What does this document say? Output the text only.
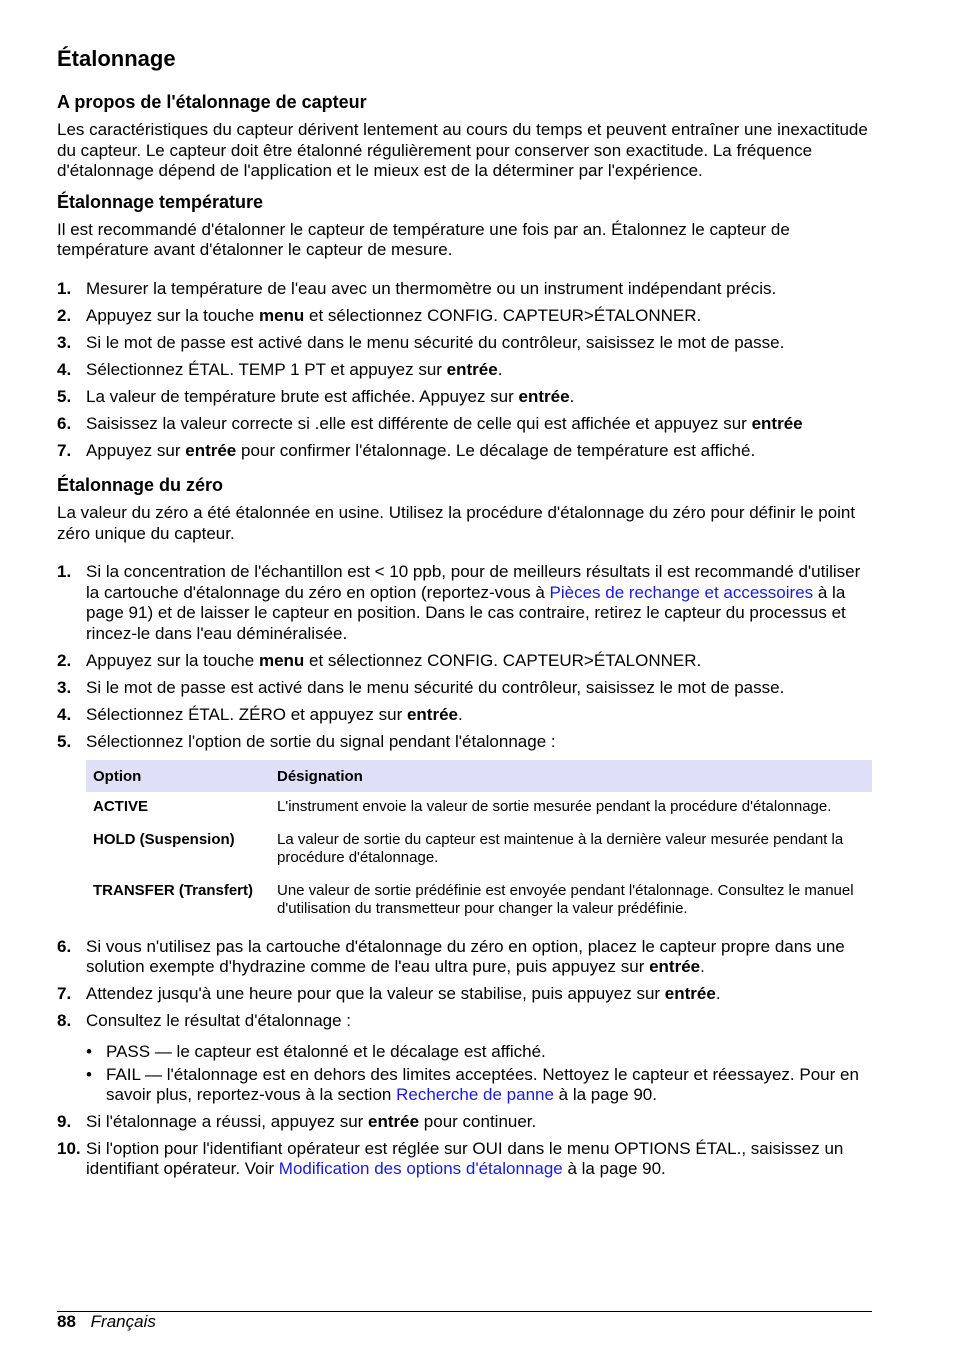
Étalonnage
A propos de l'étalonnage de capteur

Les caractéristiques du capteur dérivent lentement au cours du temps et peuvent entraîner une inexactitude du capteur. Le capteur doit être étalonné régulièrement pour conserver son exactitude. La fréquence d'étalonnage dépend de l'application et le mieux est de la déterminer par l'expérience.

Étalonnage température

Il est recommandé d'étalonner le capteur de température une fois par an. Étalonnez le capteur de température avant d'étalonner le capteur de mesure.

1. Mesurer la température de l'eau avec un thermomètre ou un instrument indépendant précis.
2. Appuyez sur la touche menu et sélectionnez CONFIG. CAPTEUR>ÉTALONNER.
3. Si le mot de passe est activé dans le menu sécurité du contrôleur, saisissez le mot de passe.
4. Sélectionnez ÉTAL. TEMP 1 PT et appuyez sur entrée.
5. La valeur de température brute est affichée. Appuyez sur entrée.
6. Saisissez la valeur correcte si .elle est différente de celle qui est affichée et appuyez sur entrée
7. Appuyez sur entrée pour confirmer l'étalonnage. Le décalage de température est affiché.
Étalonnage du zéro

La valeur du zéro a été étalonnée en usine. Utilisez la procédure d'étalonnage du zéro pour définir le point zéro unique du capteur.

1. Si la concentration de l'échantillon est < 10 ppb, pour de meilleurs résultats il est recommandé d'utiliser la cartouche d'étalonnage du zéro en option (reportez-vous à Pièces de rechange et accessoires à la page 91) et de laisser le capteur en position. Dans le cas contraire, retirez le capteur du processus et rincez-le dans l'eau déminéralisée.
2. Appuyez sur la touche menu et sélectionnez CONFIG. CAPTEUR>ÉTALONNER.
3. Si le mot de passe est activé dans le menu sécurité du contrôleur, saisissez le mot de passe.
4. Sélectionnez ÉTAL. ZÉRO et appuyez sur entrée.
5. Sélectionnez l'option de sortie du signal pendant l'étalonnage :
Option	Désignation
ACTIVE	L'instrument envoie la valeur de sortie mesurée pendant la procédure d'étalonnage.
HOLD (Suspension)	La valeur de sortie du capteur est maintenue à la dernière valeur mesurée pendant la procédure d'étalonnage.
TRANSFER (Transfert)	Une valeur de sortie prédéfinie est envoyée pendant l'étalonnage. Consultez le manuel d'utilisation du transmetteur pour changer la valeur prédéfinie.
6. Si vous n'utilisez pas la cartouche d'étalonnage du zéro en option, placez le capteur propre dans une solution exempte d'hydrazine comme de l'eau ultra pure, puis appuyez sur entrée.
7. Attendez jusqu'à une heure pour que la valeur se stabilise, puis appuyez sur entrée.
8. Consultez le résultat d'étalonnage :
• PASS — le capteur est étalonné et le décalage est affiché.
• FAIL — l'étalonnage est en dehors des limites acceptées. Nettoyez le capteur et réessayez. Pour en savoir plus, reportez-vous à la section Recherche de panne à la page 90.
9. Si l'étalonnage a réussi, appuyez sur entrée pour continuer.
10. Si l'option pour l'identifiant opérateur est réglée sur OUI dans le menu OPTIONS ÉTAL., saisissez un identifiant opérateur. Voir Modification des options d'étalonnage à la page 90.
88 Français
